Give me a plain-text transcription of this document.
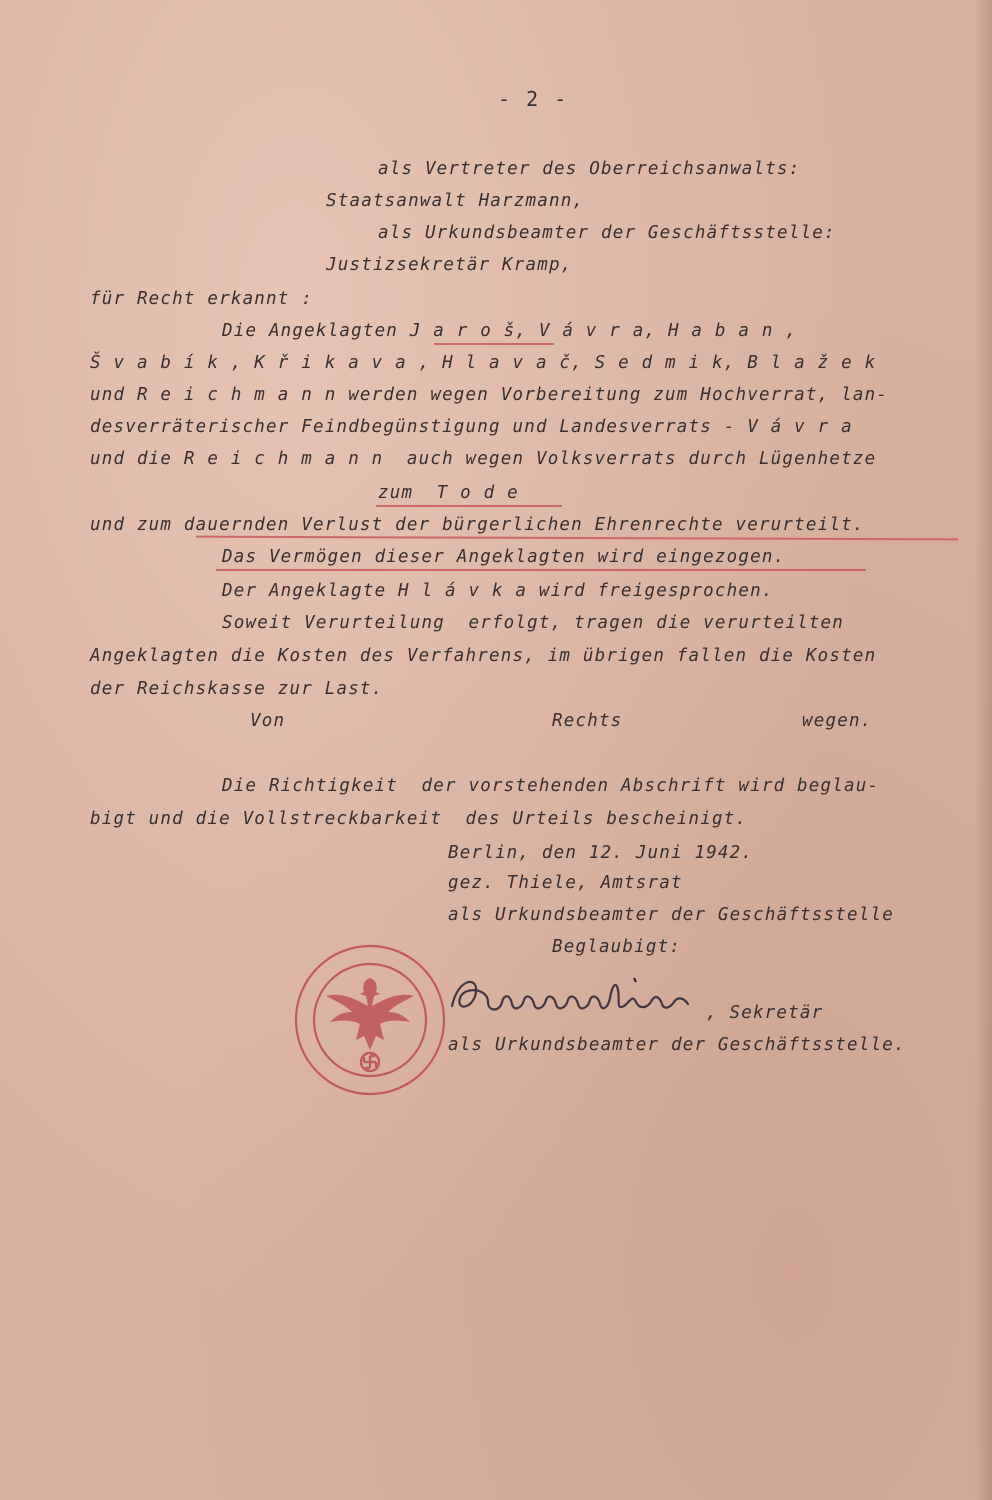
- 2 -
als Vertreter des Oberreichsanwalts:
Staatsanwalt Harzmann,
als Urkundsbeamter der Geschäftsstelle:
Justizsekretär Kramp,
für Recht erkannt :
Die Angeklagten J a r o š, V á v r a, H a b a n ,
Š v a b í k , K ř i k a v a , H l a v a č, S e d m i k, B l a ž e k
und R e i c h m a n n werden wegen Vorbereitung zum Hochverrat, lan-
desverräterischer Feindbegünstigung und Landesverrats - V á v r a
und die R e i c h m a n n  auch wegen Volksverrats durch Lügenhetze
zum  T o d e
und zum dauernden Verlust der bürgerlichen Ehrenrechte verurteilt.
Das Vermögen dieser Angeklagten wird eingezogen.
Der Angeklagte H l á v k a wird freigesprochen.
Soweit Verurteilung  erfolgt, tragen die verurteilten
Angeklagten die Kosten des Verfahrens, im übrigen fallen die Kosten
der Reichskasse zur Last.
Von	Rechts	wegen.
Die Richtigkeit  der vorstehenden Abschrift wird beglau-
bigt und die Vollstreckbarkeit  des Urteils bescheinigt.
Berlin, den 12. Juni 1942.
gez. Thiele, Amtsrat
als Urkundsbeamter der Geschäftsstelle
Beglaubigt:
, Sekretär
als Urkundsbeamter der Geschäftsstelle.
